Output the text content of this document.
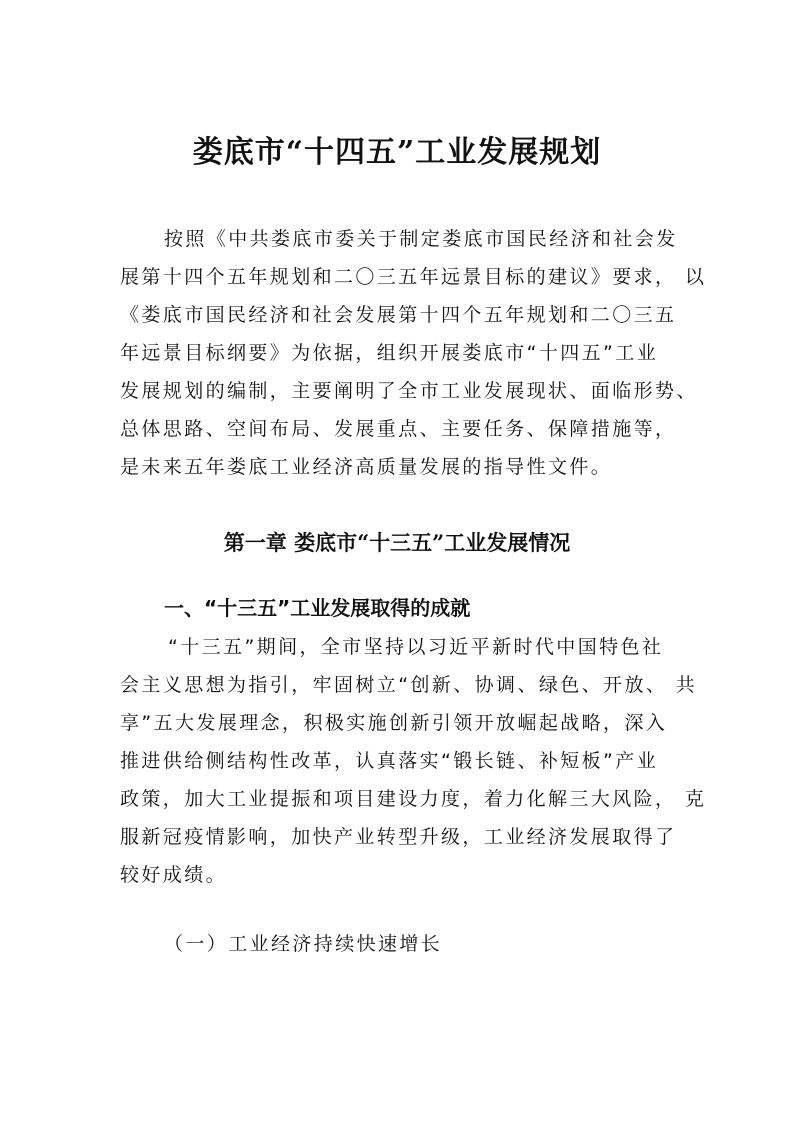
娄底市“十四五”工业发展规划
按照《中共娄底市委关于制定娄底市国民经济和社会发
展第十四个五年规划和二〇三五年远景目标的建议》要求， 以
《娄底市国民经济和社会发展第十四个五年规划和二〇三五
年远景目标纲要》为依据，组织开展娄底市“十四五”工业
发展规划的编制，主要阐明了全市工业发展现状、面临形势、
总体思路、空间布局、发展重点、主要任务、保障措施等，
是未来五年娄底工业经济高质量发展的指导性文件。
第一章 娄底市“十三五”工业发展情况
一、“十三五”工业发展取得的成就
“十三五”期间，全市坚持以习近平新时代中国特色社
会主义思想为指引，牢固树立“创新、协调、绿色、开放、 共
享”五大发展理念，积极实施创新引领开放崛起战略，深入
推进供给侧结构性改革，认真落实“锻长链、补短板”产业
政策，加大工业提振和项目建设力度，着力化解三大风险， 克
服新冠疫情影响，加快产业转型升级，工业经济发展取得了
较好成绩。
（一）工业经济持续快速增长
